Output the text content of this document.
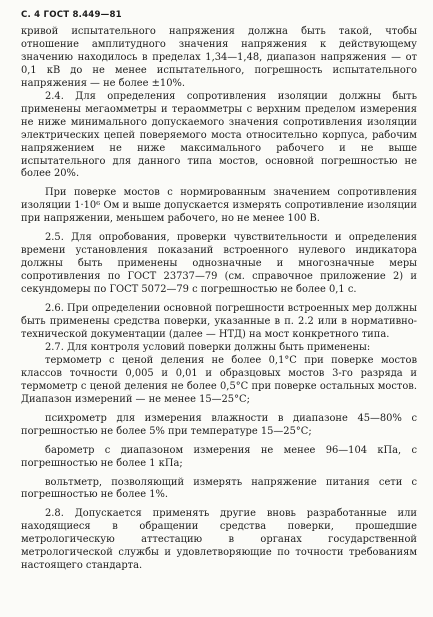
С. 4 ГОСТ 8.449—81

кривой испытательного напряжения должна быть такой, чтобы отношение амплитудного значения напряжения к действующему значению находилось в пределах 1,34—1,48, диапазон напряжения — от 0,1 кВ до не менее испытательного, погрешность испытательного напряжения — не более ±10%.

2.4. Для определения сопротивления изоляции должны быть применены мегаомметры и тераомметры с верхним пределом измерения не ниже минимального допускаемого значения сопротивления изоляции электрических цепей поверяемого моста относительно корпуса, рабочим напряжением не ниже максимального рабочего и не выше испытательного для данного типа мостов, основной погрешностью не более 20%.

При поверке мостов с нормированным значением сопротивления изоляции 1·10⁶ Ом и выше допускается измерять сопротивление изоляции при напряжении, меньшем рабочего, но не менее 100 В.

2.5. Для опробования, проверки чувствительности и определения времени установления показаний встроенного нулевого индикатора должны быть применены однозначные и многозначные меры сопротивления по ГОСТ 23737—79 (см. справочное приложение 2) и секундомеры по ГОСТ 5072—79 с погрешностью не более 0,1 с.

2.6. При определении основной погрешности встроенных мер должны быть применены средства поверки, указанные в п. 2.2 или в нормативно-технической документации (далее — НТД) на мост конкретного типа.

2.7. Для контроля условий поверки должны быть применены:

термометр с ценой деления не более 0,1°С при поверке мостов классов точности 0,005 и 0,01 и образцовых мостов 3-го разряда и термометр с ценой деления не более 0,5°С при поверке остальных мостов. Диапазон измерений — не менее 15—25°С;

психрометр для измерения влажности в диапазоне 45—80% с погрешностью не более 5% при температуре 15—25°С;

барометр с диапазоном измерения не менее 96—104 кПа, с погрешностью не более 1 кПа;

вольтметр, позволяющий измерять напряжение питания сети с погрешностью не более 1%.

2.8. Допускается применять другие вновь разработанные или находящиеся в обращении средства поверки, прошедшие метрологическую аттестацию в органах государственной метрологической службы и удовлетворяющие по точности требованиям настоящего стандарта.
